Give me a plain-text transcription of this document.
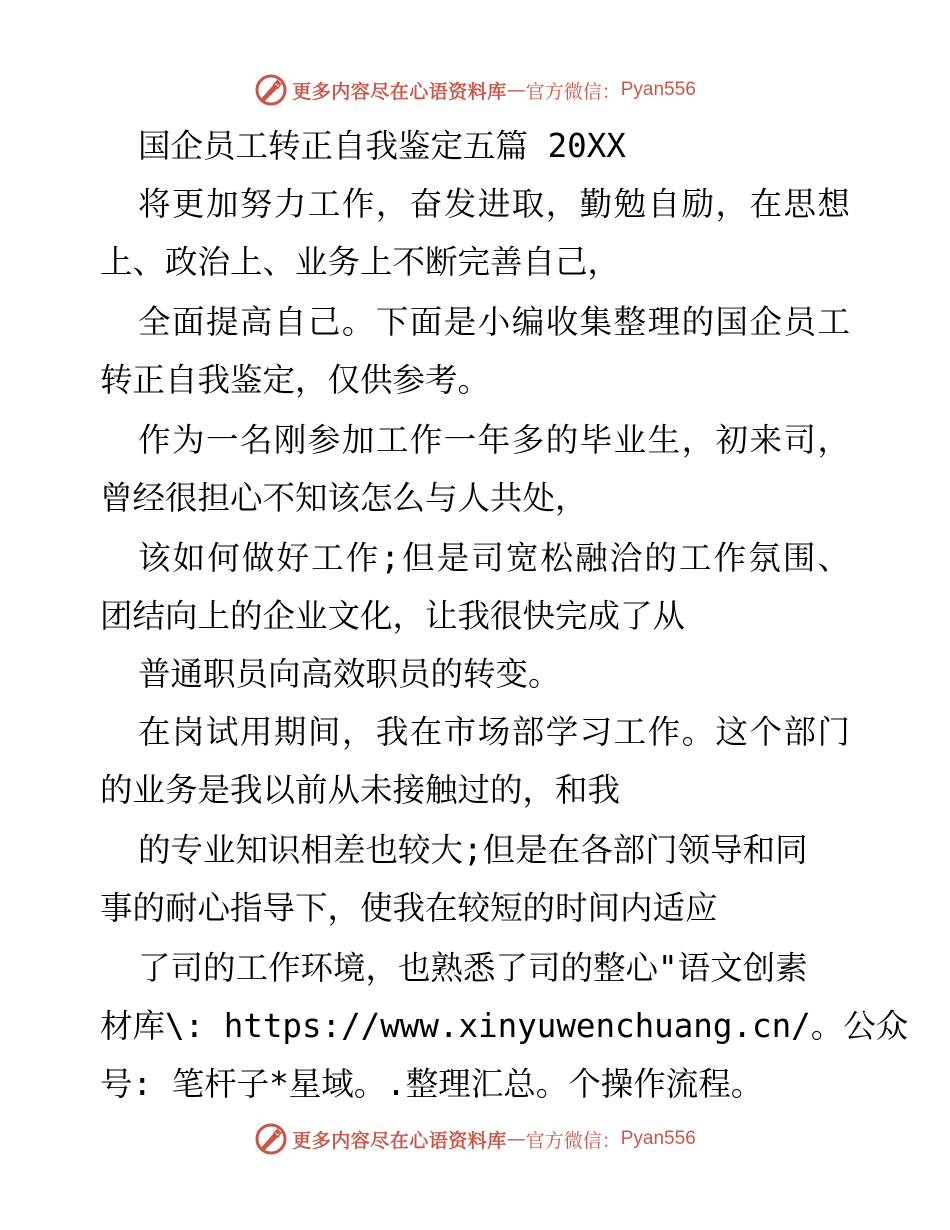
更多内容尽在心语资料库 — 官方微信： Pyan556
国企员工转正自我鉴定五篇 20XX
将更加努力工作，奋发进取，勤勉自励，在思想
上、政治上、业务上不断完善自己，
全面提高自己。下面是小编收集整理的国企员工
转正自我鉴定，仅供参考。
作为一名刚参加工作一年多的毕业生，初来司，
曾经很担心不知该怎么与人共处，
该如何做好工作;但是司宽松融洽的工作氛围、
团结向上的企业文化，让我很快完成了从
普通职员向高效职员的转变。
在岗试用期间，我在市场部学习工作。这个部门
的业务是我以前从未接触过的，和我
的专业知识相差也较大;但是在各部门领导和同
事的耐心指导下，使我在较短的时间内适应
了司的工作环境，也熟悉了司的整心"语文创素
材库\: https://www.xinyuwenchuang.cn/。公众
号: 笔杆子*星域。.整理汇总。个操作流程。
更多内容尽在心语资料库 — 官方微信： Pyan556
